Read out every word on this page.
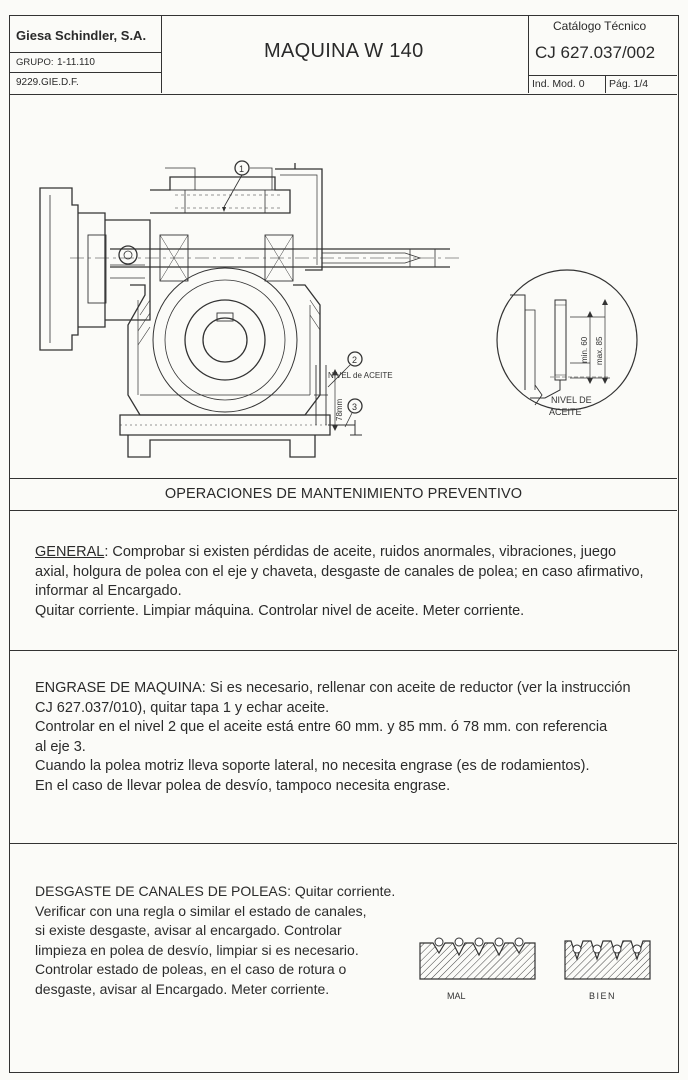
Giesa Schindler, S.A.
GRUPO: 1-11.110
9229.GIE.D.F.
MAQUINA W 140
Catálogo Técnico
CJ 627.037/002
Ind. Mod. 0 Pág. 1/4
1
2
3
NIVEL de ACEITE
78mm
min. 60 max. 85
NIVEL DE
ACEITE
OPERACIONES DE MANTENIMIENTO PREVENTIVO

GENERAL: Comprobar si existen pérdidas de aceite, ruidos anormales, vibraciones, juego

axial, holgura de polea con el eje y chaveta, desgaste de canales de polea; en caso afirmativo,

informar al Encargado.

Quitar corriente. Limpiar máquina. Controlar nivel de aceite. Meter corriente.

ENGRASE DE MAQUINA: Si es necesario, rellenar con aceite de reductor (ver la instrucción

CJ 627.037/010), quitar tapa 1 y echar aceite.

Controlar en el nivel 2 que el aceite está entre 60 mm. y 85 mm. ó 78 mm. con referencia

al eje 3.

Cuando la polea motriz lleva soporte lateral, no necesita engrase (es de rodamientos).

En el caso de llevar polea de desvío, tampoco necesita engrase.

DESGASTE DE CANALES DE POLEAS: Quitar corriente.

Verificar con una regla o similar el estado de canales,

si existe desgaste, avisar al encargado. Controlar

limpieza en polea de desvío, limpiar si es necesario.

Controlar estado de poleas, en el caso de rotura o

desgaste, avisar al Encargado. Meter corriente.	MAL	BIEN
